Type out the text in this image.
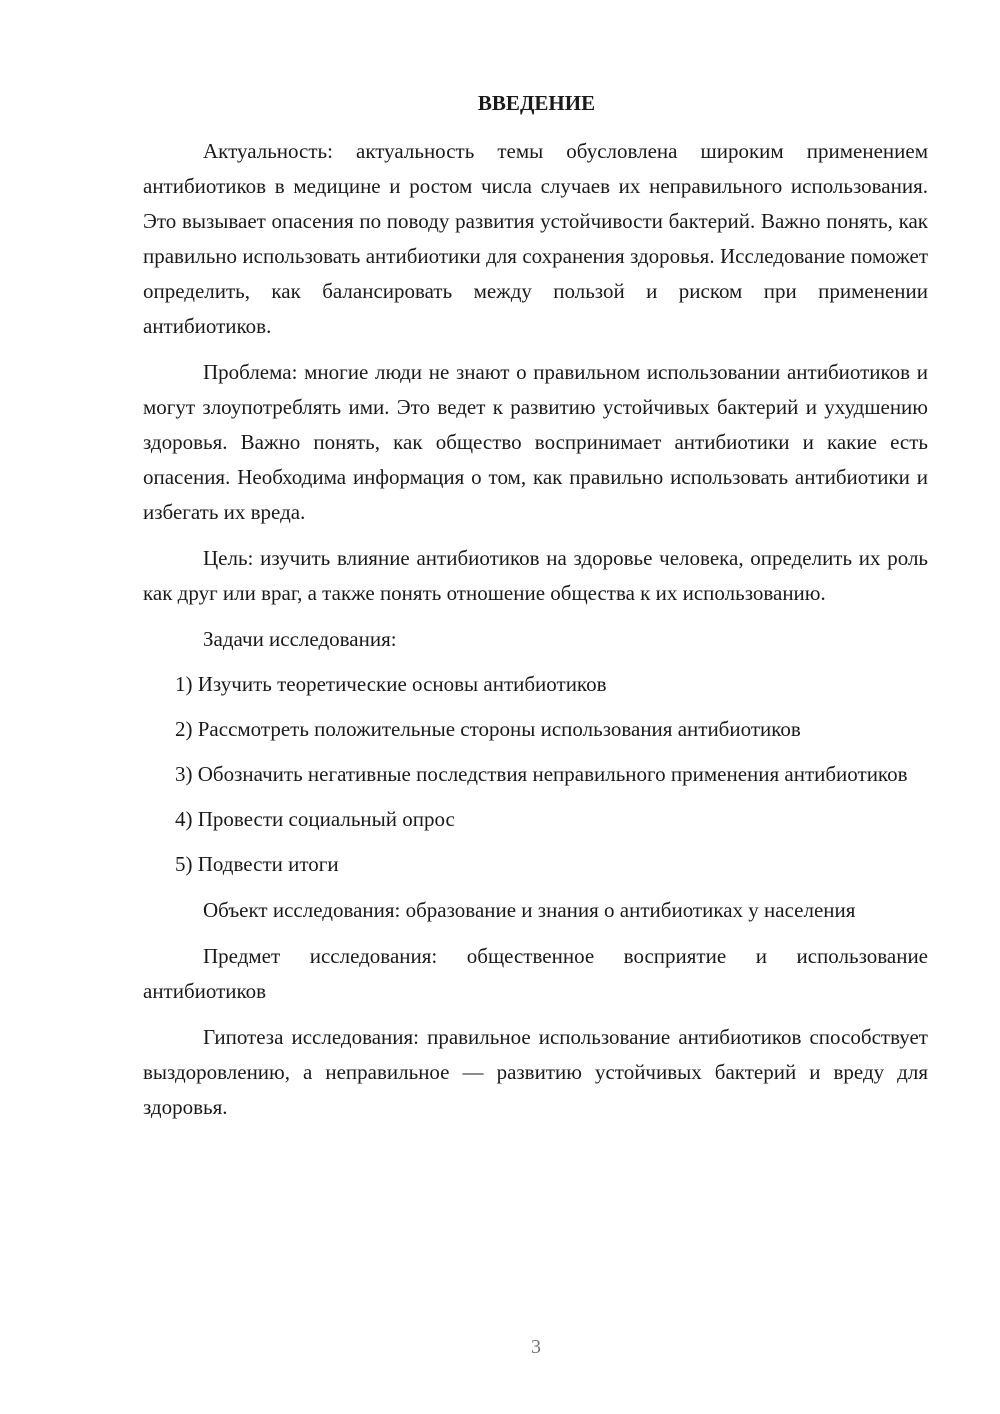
ВВЕДЕНИЕ

Актуальность: актуальность темы обусловлена широким применением антибиотиков в медицине и ростом числа случаев их неправильного использования. Это вызывает опасения по поводу развития устойчивости бактерий. Важно понять, как правильно использовать антибиотики для сохранения здоровья. Исследование поможет определить, как балансировать между пользой и риском при применении антибиотиков.

Проблема: многие люди не знают о правильном использовании антибиотиков и могут злоупотреблять ими. Это ведет к развитию устойчивых бактерий и ухудшению здоровья. Важно понять, как общество воспринимает антибиотики и какие есть опасения. Необходима информация о том, как правильно использовать антибиотики и избегать их вреда.

Цель: изучить влияние антибиотиков на здоровье человека, определить их роль как друг или враг, а также понять отношение общества к их использованию.

Задачи исследования:

1) Изучить теоретические основы антибиотиков

2) Рассмотреть положительные стороны использования антибиотиков

3) Обозначить негативные последствия неправильного применения антибиотиков

4) Провести социальный опрос

5) Подвести итоги

Объект исследования: образование и знания о антибиотиках у населения

Предмет исследования: общественное восприятие и использование антибиотиков

Гипотеза исследования: правильное использование антибиотиков способствует выздоровлению, а неправильное — развитию устойчивых бактерий и вреду для здоровья.

3
